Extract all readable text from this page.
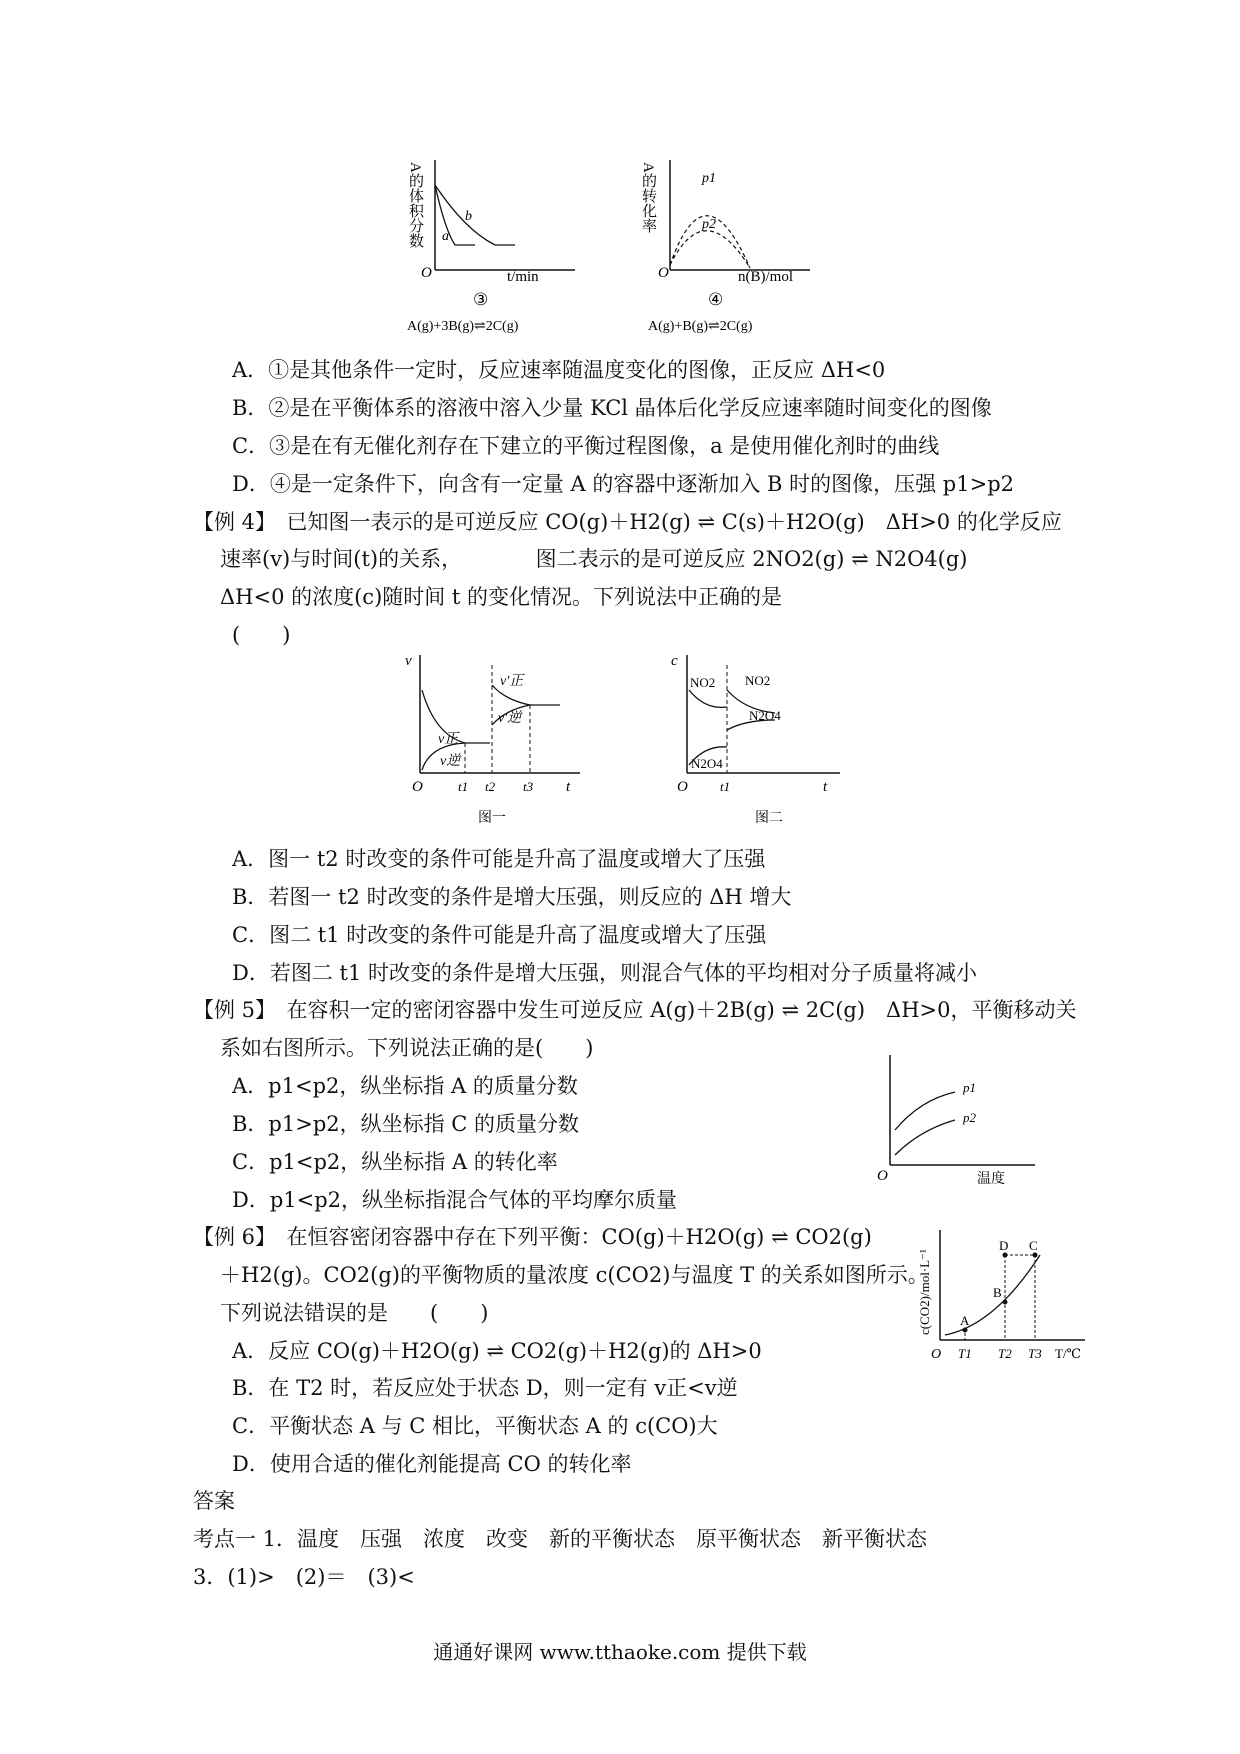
A的体积分数
O	t/min
a
b
③
A(g)+3B(g)⇌2C(g)
A的转化率
O	n(B)/mol
p1
p2
④
A(g)+B(g)⇌2C(g)
A．①是其他条件一定时，反应速率随温度变化的图像，正反应 ΔH<0
B．②是在平衡体系的溶液中溶入少量 KCl 晶体后化学反应速率随时间变化的图像
C．③是在有无催化剂存在下建立的平衡过程图像，a 是使用催化剂时的曲线
D．④是一定条件下，向含有一定量 A 的容器中逐渐加入 B 时的图像，压强 p1>p2
【例 4】　已知图一表示的是可逆反应 CO(g)＋H2(g) ⇌ C(s)＋H2O(g)　ΔH>0 的化学反应
速率(v)与时间(t)的关系，　　　　图二表示的是可逆反应 2NO2(g) ⇌ N2O4(g)
ΔH<0 的浓度(c)随时间 t 的变化情况。下列说法中正确的是
(　　)
v
O	t
v正
v逆
v′正
v′逆
t1 t2 t3
图一
c
O	t
NO2 NO2
N2O4
N2O4
t1
图二
A．图一 t2 时改变的条件可能是升高了温度或增大了压强
B．若图一 t2 时改变的条件是增大压强，则反应的 ΔH 增大
C．图二 t1 时改变的条件可能是升高了温度或增大了压强
D．若图二 t1 时改变的条件是增大压强，则混合气体的平均相对分子质量将减小
【例 5】　在容积一定的密闭容器中发生可逆反应 A(g)＋2B(g) ⇌ 2C(g)　ΔH>0，平衡移动关
系如右图所示。下列说法正确的是(　　)
A．p1<p2，纵坐标指 A 的质量分数
B．p1>p2，纵坐标指 C 的质量分数
C．p1<p2，纵坐标指 A 的转化率
D．p1<p2，纵坐标指混合气体的平均摩尔质量
O	温度
p1
p2
【例 6】　在恒容密闭容器中存在下列平衡：CO(g)＋H2O(g) ⇌ CO2(g)
＋H2(g)。CO2(g)的平衡物质的量浓度 c(CO2)与温度 T 的关系如图所示。
下列说法错误的是　　(　　)
A．反应 CO(g)＋H2O(g) ⇌ CO2(g)＋H2(g)的 ΔH>0
B．在 T2 时，若反应处于状态 D，则一定有 v正<v逆
C．平衡状态 A 与 C 相比，平衡状态 A 的 c(CO)大
D．使用合适的催化剂能提高 CO 的转化率
c(CO2)/mol·L⁻¹
O	T/℃
A
B
D C
T1 T2 T3
答案
考点一 1．温度　压强　浓度　改变　新的平衡状态　原平衡状态　新平衡状态
3．(1)>　(2)＝　(3)<
通通好课网 www.tthaoke.com 提供下载
